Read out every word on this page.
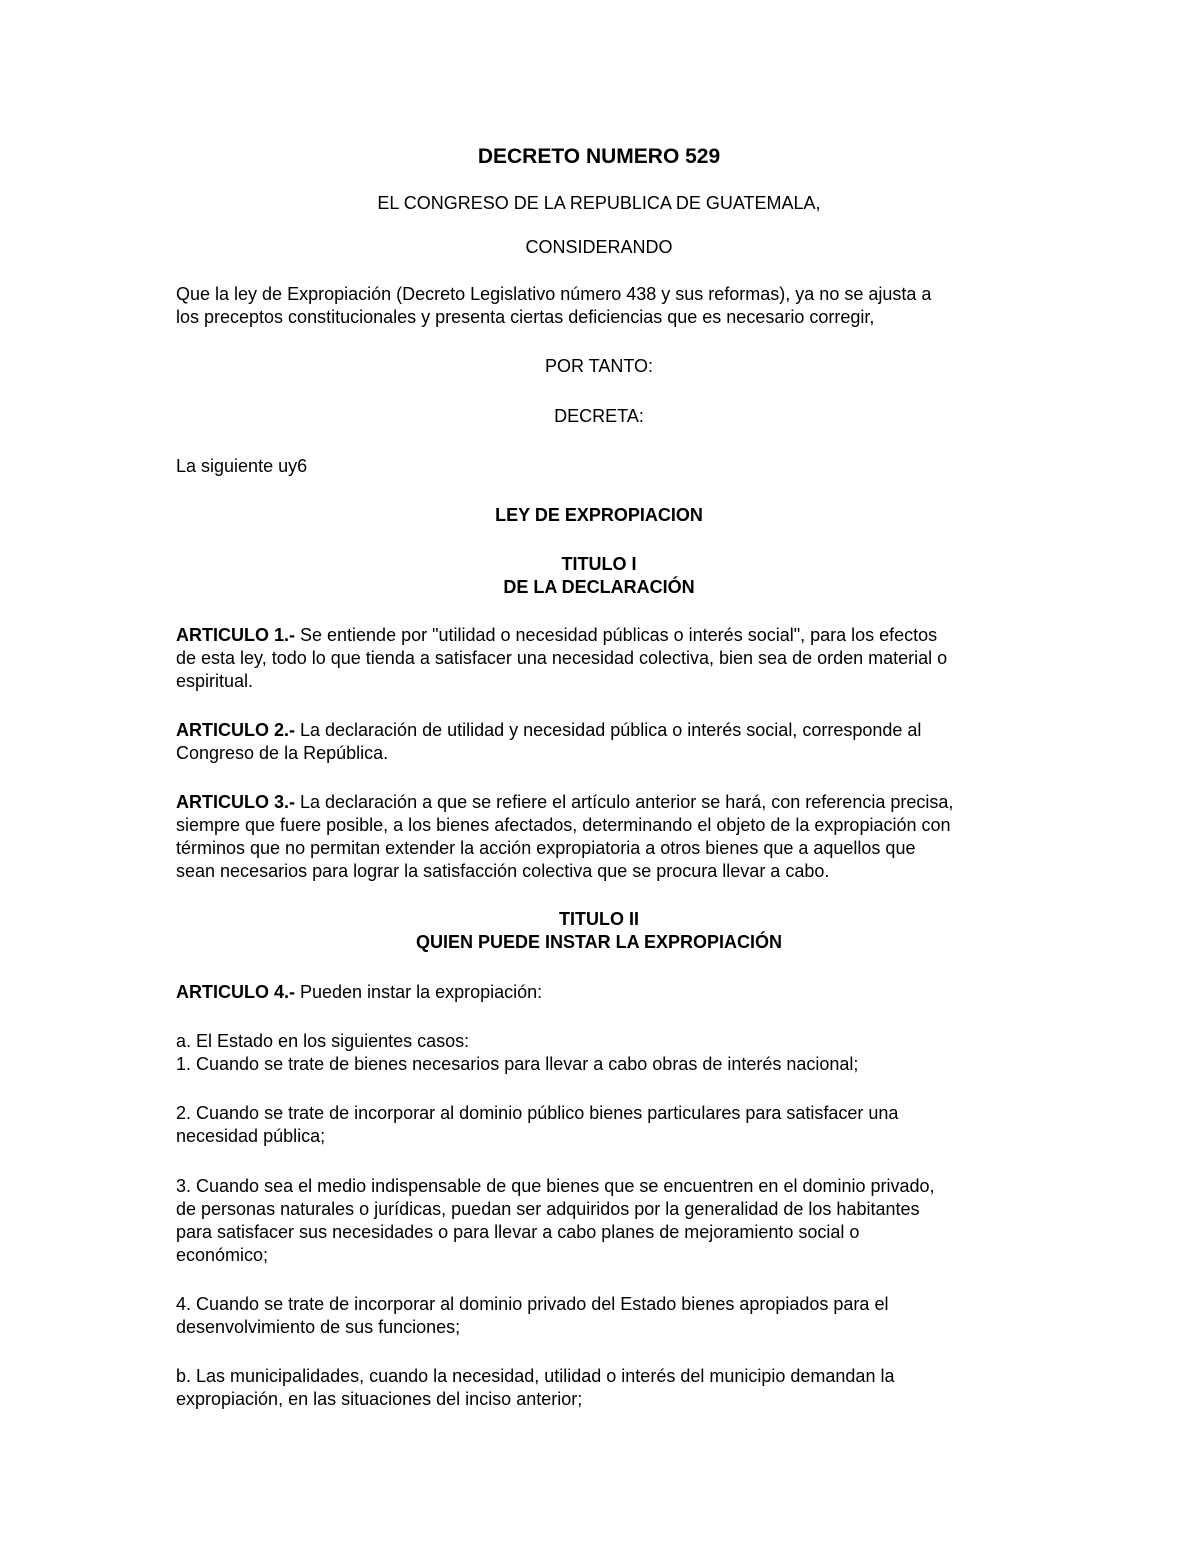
DECRETO NUMERO 529

EL CONGRESO DE LA REPUBLICA DE GUATEMALA,

CONSIDERANDO

Que la ley de Expropiación (Decreto Legislativo número 438 y sus reformas), ya no se ajusta a
los preceptos constitucionales y presenta ciertas deficiencias que es necesario corregir,

POR TANTO:

DECRETA:

La siguiente uy6

LEY DE EXPROPIACION

TITULO I
DE LA DECLARACIÓN
ARTICULO 1.- Se entiende por "utilidad o necesidad públicas o interés social", para los efectos
de esta ley, todo lo que tienda a satisfacer una necesidad colectiva, bien sea de orden material o
espiritual.
ARTICULO 2.- La declaración de utilidad y necesidad pública o interés social, corresponde al
Congreso de la República.
ARTICULO 3.- La declaración a que se refiere el artículo anterior se hará, con referencia precisa,
siempre que fuere posible, a los bienes afectados, determinando el objeto de la expropiación con
términos que no permitan extender la acción expropiatoria a otros bienes que a aquellos que
sean necesarios para lograr la satisfacción colectiva que se procura llevar a cabo.
TITULO II
QUIEN PUEDE INSTAR LA EXPROPIACIÓN
ARTICULO 4.- Pueden instar la expropiación:
a. El Estado en los siguientes casos:
1. Cuando se trate de bienes necesarios para llevar a cabo obras de interés nacional;
2. Cuando se trate de incorporar al dominio público bienes particulares para satisfacer una
necesidad pública;
3. Cuando sea el medio indispensable de que bienes que se encuentren en el dominio privado,
de personas naturales o jurídicas, puedan ser adquiridos por la generalidad de los habitantes
para satisfacer sus necesidades o para llevar a cabo planes de mejoramiento social o
económico;
4. Cuando se trate de incorporar al dominio privado del Estado bienes apropiados para el
desenvolvimiento de sus funciones;
b. Las municipalidades, cuando la necesidad, utilidad o interés del municipio demandan la
expropiación, en las situaciones del inciso anterior;
